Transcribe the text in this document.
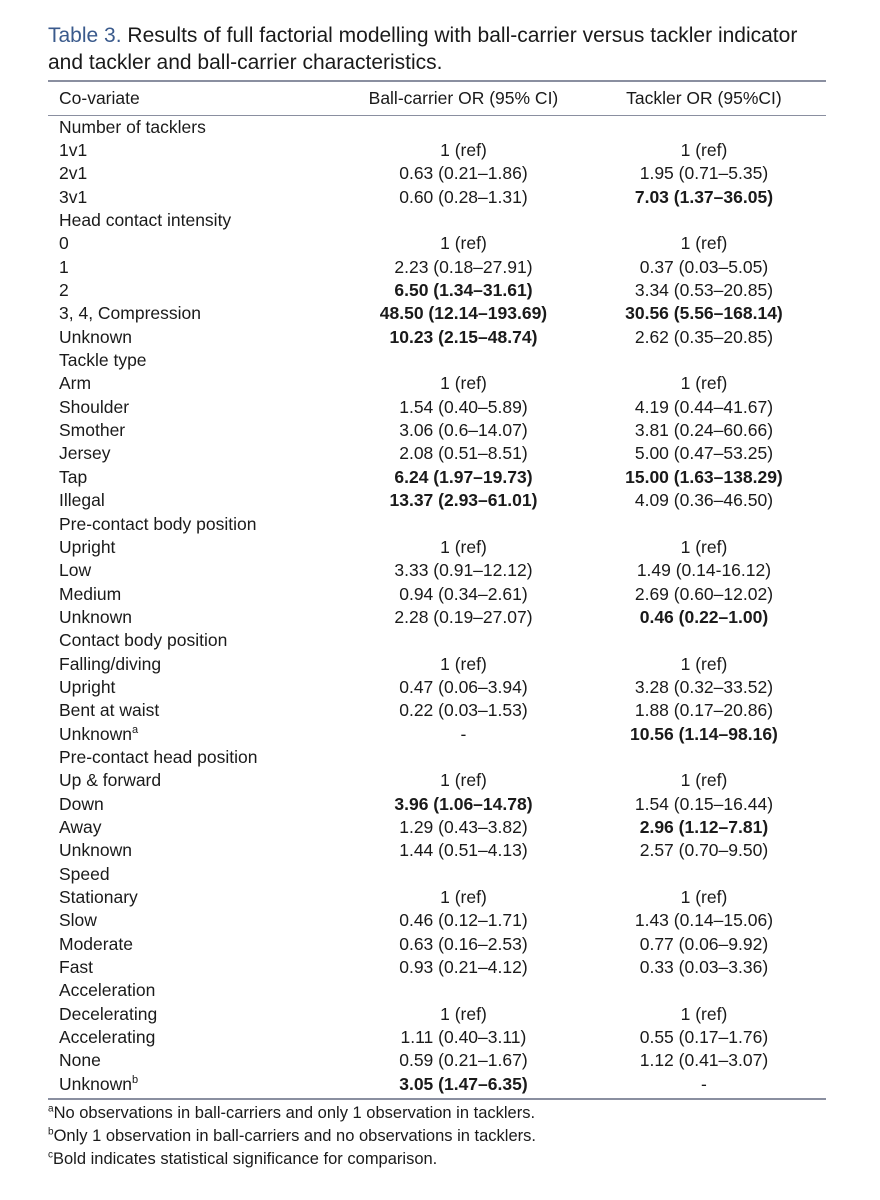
Table 3. Results of full factorial modelling with ball-carrier versus tackler indicator and tackler and ball-carrier characteristics.
Co-variate	Ball-carrier OR (95% CI)	Tackler OR (95%CI)
Number of tacklers		
1v1	1 (ref)	1 (ref)
2v1	0.63 (0.21–1.86)	1.95 (0.71–5.35)
3v1	0.60 (0.28–1.31)	7.03 (1.37–36.05)
Head contact intensity		
0	1 (ref)	1 (ref)
1	2.23 (0.18–27.91)	0.37 (0.03–5.05)
2	6.50 (1.34–31.61)	3.34 (0.53–20.85)
3, 4, Compression	48.50 (12.14–193.69)	30.56 (5.56–168.14)
Unknown	10.23 (2.15–48.74)	2.62 (0.35–20.85)
Tackle type		
Arm	1 (ref)	1 (ref)
Shoulder	1.54 (0.40–5.89)	4.19 (0.44–41.67)
Smother	3.06 (0.6–14.07)	3.81 (0.24–60.66)
Jersey	2.08 (0.51–8.51)	5.00 (0.47–53.25)
Tap	6.24 (1.97–19.73)	15.00 (1.63–138.29)
Illegal	13.37 (2.93–61.01)	4.09 (0.36–46.50)
Pre-contact body position		
Upright	1 (ref)	1 (ref)
Low	3.33 (0.91–12.12)	1.49 (0.14-16.12)
Medium	0.94 (0.34–2.61)	2.69 (0.60–12.02)
Unknown	2.28 (0.19–27.07)	0.46 (0.22–1.00)
Contact body position		
Falling/diving	1 (ref)	1 (ref)
Upright	0.47 (0.06–3.94)	3.28 (0.32–33.52)
Bent at waist	0.22 (0.03–1.53)	1.88 (0.17–20.86)
Unknown$^a$	-	10.56 (1.14–98.16)
Pre-contact head position		
Up & forward	1 (ref)	1 (ref)
Down	3.96 (1.06–14.78)	1.54 (0.15–16.44)
Away	1.29 (0.43–3.82)	2.96 (1.12–7.81)
Unknown	1.44 (0.51–4.13)	2.57 (0.70–9.50)
Speed		
Stationary	1 (ref)	1 (ref)
Slow	0.46 (0.12–1.71)	1.43 (0.14–15.06)
Moderate	0.63 (0.16–2.53)	0.77 (0.06–9.92)
Fast	0.93 (0.21–4.12)	0.33 (0.03–3.36)
Acceleration		
Decelerating	1 (ref)	1 (ref)
Accelerating	1.11 (0.40–3.11)	0.55 (0.17–1.76)
None	0.59 (0.21–1.67)	1.12 (0.41–3.07)
Unknown$^b$	3.05 (1.47–6.35)	-
$^a$No observations in ball-carriers and only 1 observation in tacklers.
$^b$Only 1 observation in ball-carriers and no observations in tacklers.
$^c$Bold indicates statistical significance for comparison.
